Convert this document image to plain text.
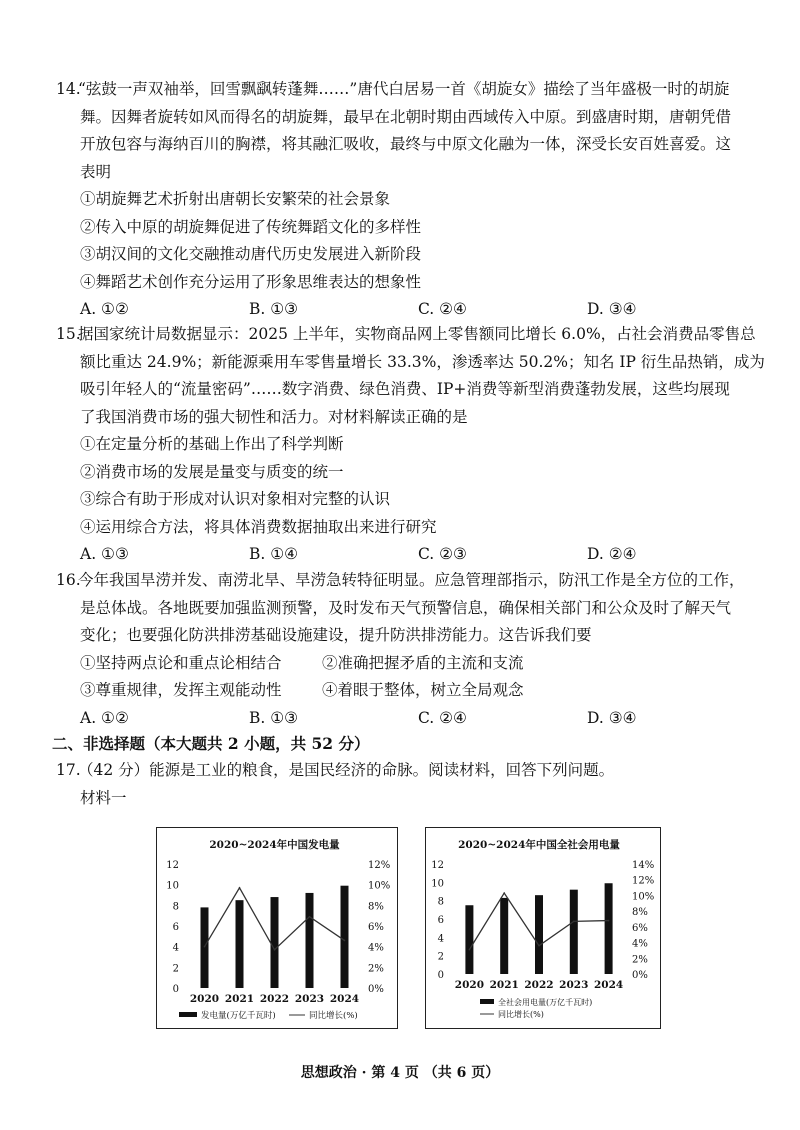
14.“弦鼓一声双袖举，回雪飘飖转蓬舞……”唐代白居易一首《胡旋女》描绘了当年盛极一时的胡旋

舞。因舞者旋转如风而得名的胡旋舞，最早在北朝时期由西域传入中原。到盛唐时期，唐朝凭借

开放包容与海纳百川的胸襟，将其融汇吸收，最终与中原文化融为一体，深受长安百姓喜爱。这

表明

①胡旋舞艺术折射出唐朝长安繁荣的社会景象

②传入中原的胡旋舞促进了传统舞蹈文化的多样性

③胡汉间的文化交融推动唐代历史发展进入新阶段

④舞蹈艺术创作充分运用了形象思维表达的想象性

A. ①②	B. ①③	C. ②④	D. ③④

15.据国家统计局数据显示：2025 上半年，实物商品网上零售额同比增长 6.0%，占社会消费品零售总

额比重达 24.9%；新能源乘用车零售量增长 33.3%，渗透率达 50.2%；知名 IP 衍生品热销，成为

吸引年轻人的“流量密码”……数字消费、绿色消费、IP+消费等新型消费蓬勃发展，这些均展现

了我国消费市场的强大韧性和活力。对材料解读正确的是

①在定量分析的基础上作出了科学判断

②消费市场的发展是量变与质变的统一

③综合有助于形成对认识对象相对完整的认识

④运用综合方法，将具体消费数据抽取出来进行研究

A. ①③	B. ①④	C. ②③	D. ②④

16.今年我国旱涝并发、南涝北旱、旱涝急转特征明显。应急管理部指示，防汛工作是全方位的工作，

是总体战。各地既要加强监测预警，及时发布天气预警信息，确保相关部门和公众及时了解天气

变化；也要强化防洪排涝基础设施建设，提升防洪排涝能力。这告诉我们要

①坚持两点论和重点论相结合	②准确把握矛盾的主流和支流

③尊重规律，发挥主观能动性	④着眼于整体，树立全局观念

A. ①②	B. ①③	C. ②④	D. ③④
二、非选择题（本大题共 2 小题，共 52 分）

17.（42 分）能源是工业的粮食，是国民经济的命脉。阅读材料，回答下列问题。

材料一

2020~2024年中国发电量
0
2
4
6
8
10
12
0%
2%
4%
6%
8%
10%
12%
2020 2021 2022 2023 2024
发电量(万亿千瓦时)	同比增长(%)
2020~2024年中国全社会用电量
0
2
4
6
8
10
12
0%
2%
4%
6%
8%
10%
12%
14%
2020 2021 2022 2023 2024
全社会用电量(万亿千瓦时)
同比增长(%)
思想政治 · 第 4 页 （共 6 页）
